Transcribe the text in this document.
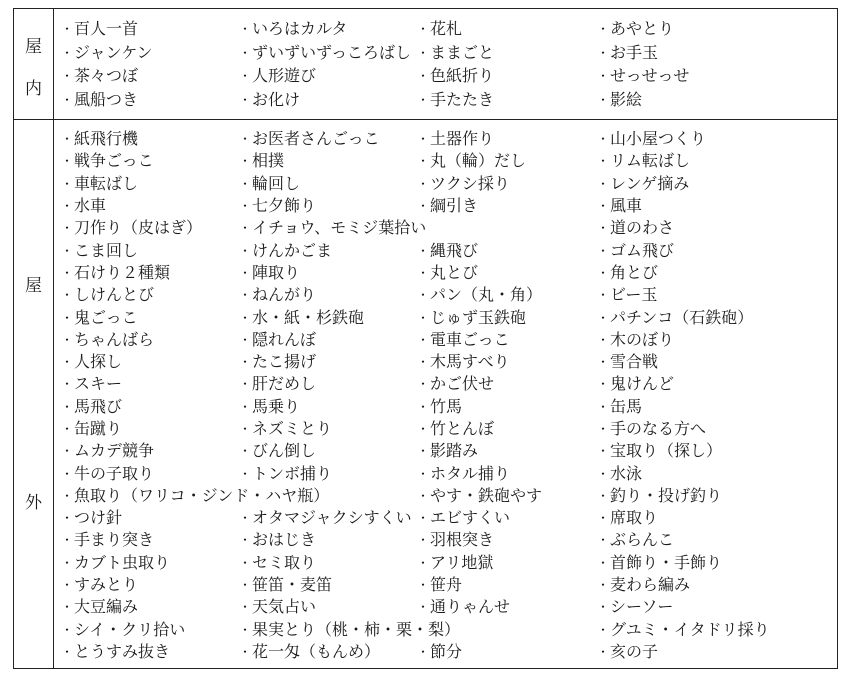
屋
内
屋
外
・ 百人一首	・ いろはカルタ	・ 花札	・ あやとり
・ ジャンケン	・ ずいずいずっころばし ・ ままごと	・ お手玉
・ 茶々つぼ	・ 人形遊び	・ 色紙折り	・ せっせっせ
・ 風船つき	・ お化け	・ 手たたき	・ 影絵
・ 紙飛行機	・ お医者さんごっこ	・ 土器作り	・ 山小屋つくり
・ 戦争ごっこ	・ 相撲	・ 丸（輪）だし	・ リム転ばし
・ 車転ばし	・ 輪回し	・ ツクシ採り	・ レンゲ摘み
・ 水車	・ 七夕飾り	・ 綱引き	・ 風車
・ 刀作り（皮はぎ）	・ イチョウ、モミジ葉拾い	・ 道のわさ
・ こま回し	・ けんかごま	・ 縄飛び	・ ゴム飛び
・ 石けり２種類	・ 陣取り	・ 丸とび	・ 角とび
・ しけんとび	・ ねんがり	・ パン（丸・角）	・ ビー玉
・ 鬼ごっこ	・ 水・紙・杉鉄砲	・ じゅず玉鉄砲	・ パチンコ（石鉄砲）
・ ちゃんばら	・ 隠れんぼ	・ 電車ごっこ	・ 木のぼり
・ 人探し	・ たこ揚げ	・ 木馬すべり	・ 雪合戦
・ スキー	・ 肝だめし	・ かご伏せ	・ 鬼けんど
・ 馬飛び	・ 馬乗り	・ 竹馬	・ 缶馬
・ 缶蹴り	・ ネズミとり	・ 竹とんぼ	・ 手のなる方へ
・ ムカデ競争	・ びん倒し	・ 影踏み	・ 宝取り（探し）
・ 牛の子取り	・ トンボ捕り	・ ホタル捕り	・ 水泳
・ 魚取り（ワリコ・ジンド・ハヤ瓶）	・ やす・鉄砲やす	・ 釣り・投げ釣り
・ つけ針	・ オタマジャクシすくい ・ エビすくい	・ 席取り
・ 手まり突き	・ おはじき	・ 羽根突き	・ ぶらんこ
・ カブト虫取り	・ セミ取り	・ アリ地獄	・ 首飾り・手飾り
・ すみとり	・ 笹笛・麦笛	・ 笹舟	・ 麦わら編み
・ 大豆編み	・ 天気占い	・ 通りゃんせ	・ シーソー
・ シイ・クリ拾い	・ 果実とり（桃・柿・栗・梨）	・ グユミ・イタドリ採り
・ とうすみ抜き	・ 花一匁（もんめ）	・ 節分	・ 亥の子
